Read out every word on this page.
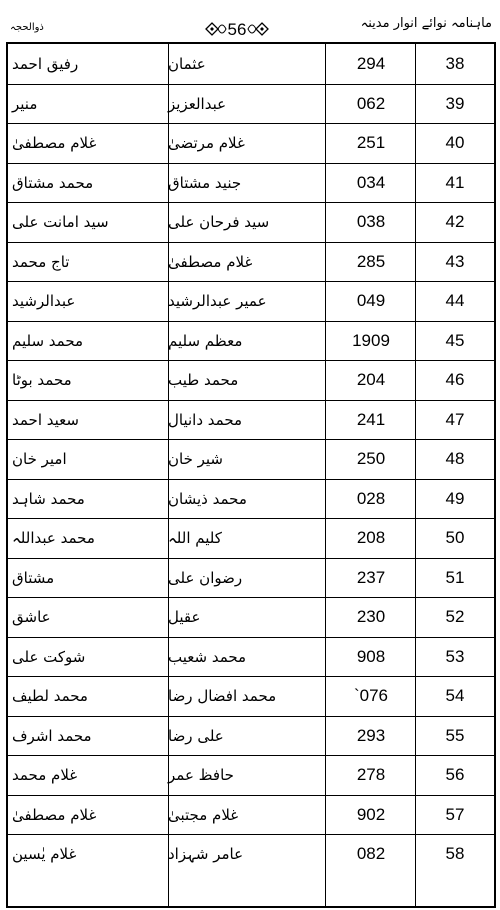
ماہنامہ نوائے انوار مدینہ
56
ذوالحجہ
38
294
عثمان
رفیق احمد
39
062
عبدالعزیز
منیر
40
251
غلام مرتضیٰ
غلام مصطفیٰ
41
034
جنید مشتاق
محمد مشتاق
42
038
سید فرحان علی
سید امانت علی
43
285
غلام مصطفیٰ
تاج محمد
44
049
عمیر عبدالرشید
عبدالرشید
45
1909
معظم سلیم
محمد سلیم
46
204
محمد طیب
محمد بوٹا
47
241
محمد دانیال
سعید احمد
48
250
شیر خان
امیر خان
49
028
محمد ذیشان
محمد شاہد
50
208
کلیم اللہ
محمد عبداللہ
51
237
رضوان علی
مشتاق
52
230
عقیل
عاشق
53
908
محمد شعیب
شوکت علی
54
`076
محمد افضال رضا
محمد لطیف
55
293
علی رضا
محمد اشرف
56
278
حافظ عمر
غلام محمد
57
902
غلام مجتبیٰ
غلام مصطفیٰ
58
082
عامر شہزاد
غلام یٰسین
